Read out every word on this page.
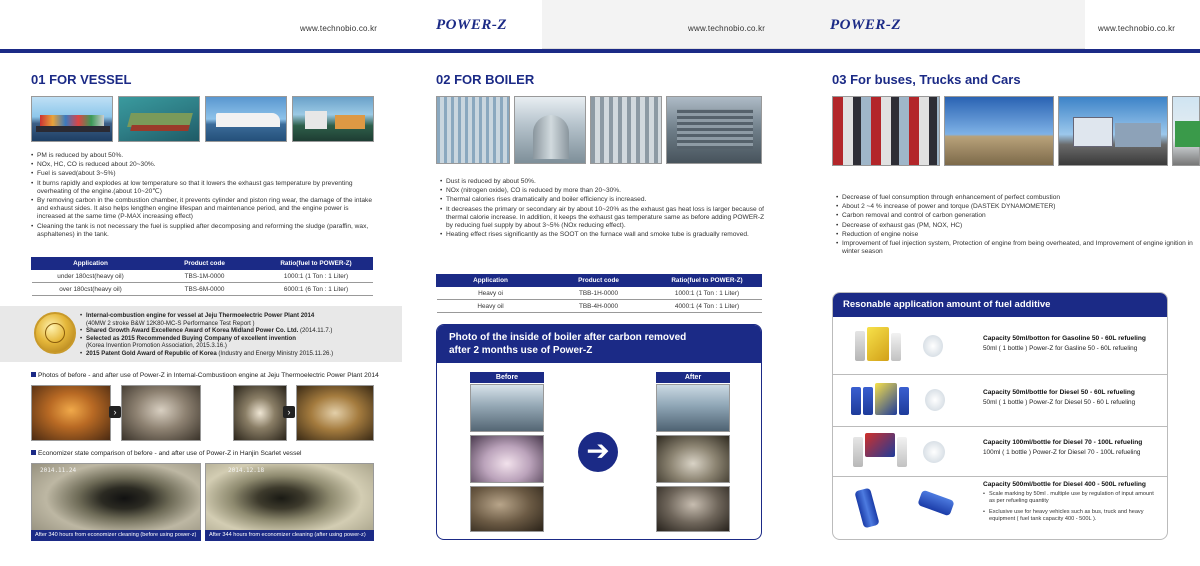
www.technobio.co.kr
01 FOR VESSEL
• PM is reduced by about 50%.
• NOx, HC, CO is reduced about 20~30%.
• Fuel is saved(about 3~5%)
• It burns rapidly and explodes at low temperature so that it lowers the exhaust gas temperature by preventing overheating of the engine.(about 10~20℃)
• By removing carbon in the combustion chamber, it prevents cylinder and piston ring wear, the damage of the intake and exhaust sides. It also helps lengthen engine lifespan and maintenance period, and the engine power is increased at the same time (P-MAX increasing effect)
• Cleaning the tank is not necessary the fuel is supplied after decomposing and reforming the sludge (paraffin, wax, asphaltenes) in the tank.
Application	Product code	Ratio(fuel to POWER-Z)
under 180cst(heavy oil)	TBS-1M-0000	1000:1 (1 Ton : 1 Liter)
over 180cst(heavy oil)	TBS-6M-0000	6000:1 (6 Ton : 1 Liter)
• Internal-combustion engine for vessel at Jeju Thermoelectric Power Plant 2014
(40MW 2 stroke B&W 12K80-MC-S Performance Test Report )
• Shared Growth Award Excellence Award of Korea Midland Power Co. Ltd. (2014.11.7.)
• Selected as 2015 Recommended Buying Company of excellent invention
(Korea Invention Promotion Association, 2015.3.16.)
• 2015 Patent Gold Award of Republic of Korea (Industry and Energy Ministry 2015.11.26.)
Photos of before - and after use of Power-Z in Internal-Combustioon engine at Jeju Thermoelectric Power Plant 2014
›	›
Economizer state comparison of before - and after use of Power-Z in Hanjin Scarlet vessel
2014.11.24
After 340 hours from economizer cleaning (before using power-z)
2014.12.18
After 344 hours from economizer cleaning (after using power-z)
POWER-Z	www.technobio.co.kr
02 FOR BOILER
• Dust is reduced by about 50%.
• NOx (nitrogen oxide), CO is reduced by more than 20~30%.
• Thermal calories rises dramatically and boiler efficiency is increased.
• It decreases the primary or secondary air by about 10~20% as the exhaust gas heat loss is larger because of thermal calorie increase. In addition, it keeps the exhaust gas temperature same as before adding POWER-Z by reducing fuel supply by about 3~5% (NOx reducing effect).
• Heating effect rises significantly as the SOOT on the furnace wall and smoke tube is gradually removed.
Application	Product code	Ratio(fuel to POWER-Z)
Heavy oi	TBB-1H-0000	1000:1 (1 Ton : 1 Liter)
Heavy oil	TBB-4H-0000	4000:1 (4 Ton : 1 Liter)
Photo of the inside of boiler after carbon removed
after 2 months use of Power-Z
Before
➔
After
POWER-Z	www.technobio.co.kr
03 For buses, Trucks and Cars
• Decrease of fuel consumption through enhancement of perfect combustion
• About 2 ~4 % increase of power and torque (DASTEK DYNAMOMETER)
• Carbon removal and control of carbon generation
• Decrease of exhaust gas (PM, NOX, HC)
• Reduction of engine noise
• Improvement of fuel injection system, Protection of engine from being overheated, and Improvement of engine ignition in winter season
Resonable application amount of fuel additive
Capacity 50ml/botton for Gasoline 50 - 60L refueling
50ml ( 1 bottle ) Power-Z for Gasline 50 - 60L refueling
Capacity 50ml/bottle for Diesel 50 - 60L refueling
50ml ( 1 bottle ) Power-Z for Diesel 50 - 60 L refueling
Capacity 100ml/bottle for Diesel 70 - 100L refueling
100ml ( 1 bottle ) Power-Z for Diesel 70 - 100L refueling
Capacity 500ml/bottle for Diesel 400 - 500L refueling
• Scale marking by 50ml . multiple use by regulation of input amount as per refueling quantity
• Exclusive use for heavy vehicles such as bus, truck and heavy equipment ( fuel tank capacity 400 - 500L ).
